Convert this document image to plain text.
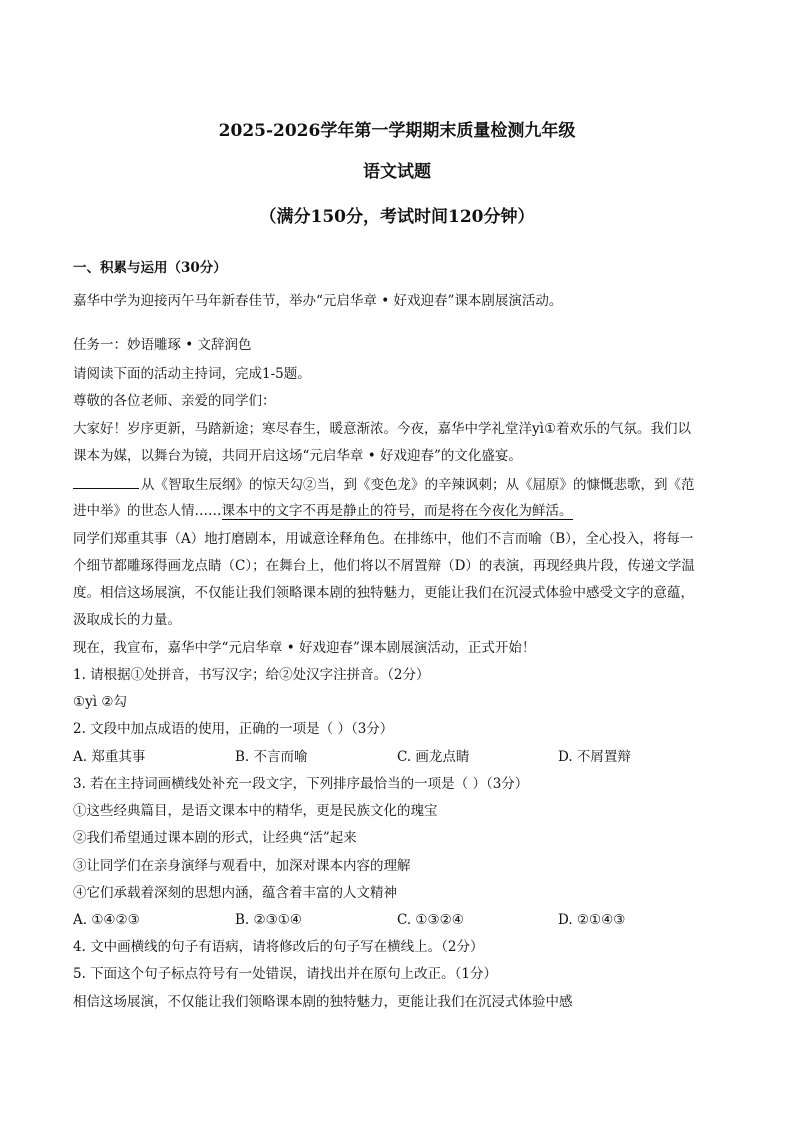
2025-2026学年第一学期期末质量检测九年级
语文试题
（满分150分，考试时间120分钟）
一、积累与运用（30分）
嘉华中学为迎接丙午马年新春佳节，举办“元启华章 • 好戏迎春”课本剧展演活动。
任务一：妙语雕琢 • 文辞润色
请阅读下面的活动主持词，完成1-5题。
尊敬的各位老师、亲爱的同学们：
大家好！岁序更新，马踏新途；寒尽春生，暖意渐浓。今夜，嘉华中学礼堂洋yì①着欢乐的气氛。我们以
课本为媒，以舞台为镜，共同开启这场“元启华章 • 好戏迎春”的文化盛宴。
从《智取生辰纲》的惊天勾②当，到《变色龙》的辛辣讽刺；从《屈原》的慷慨悲歌，到《范
进中举》的世态人情……课本中的文字不再是静止的符号，而是将在今夜化为鲜活。
同学们郑重其事（A）地打磨剧本，用诚意诠释角色。在排练中，他们不言而喻（B），全心投入，将每一
个细节都雕琢得画龙点睛（C）；在舞台上，他们将以不屑置辩（D）的表演，再现经典片段，传递文学温
度。相信这场展演，不仅能让我们领略课本剧的独特魅力，更能让我们在沉浸式体验中感受文字的意蕴，
汲取成长的力量。
现在，我宣布，嘉华中学“元启华章 • 好戏迎春”课本剧展演活动，正式开始！
1. 请根据①处拼音，书写汉字；给②处汉字注拼音。（2分）
①yì ②勾
2. 文段中加点成语的使用，正确的一项是（ ）（3分）
A. 郑重其事	B. 不言而喻	C. 画龙点睛	D. 不屑置辩
3. 若在主持词画横线处补充一段文字，下列排序最恰当的一项是（ ）（3分）
①这些经典篇目，是语文课本中的精华，更是民族文化的瑰宝
②我们希望通过课本剧的形式，让经典“活”起来
③让同学们在亲身演绎与观看中，加深对课本内容的理解
④它们承载着深刻的思想内涵，蕴含着丰富的人文精神
A. ①④②③	B. ②③①④	C. ①③②④	D. ②①④③
4. 文中画横线的句子有语病，请将修改后的句子写在横线上。（2分）
5. 下面这个句子标点符号有一处错误，请找出并在原句上改正。（1分）
相信这场展演，不仅能让我们领略课本剧的独特魅力，更能让我们在沉浸式体验中感
